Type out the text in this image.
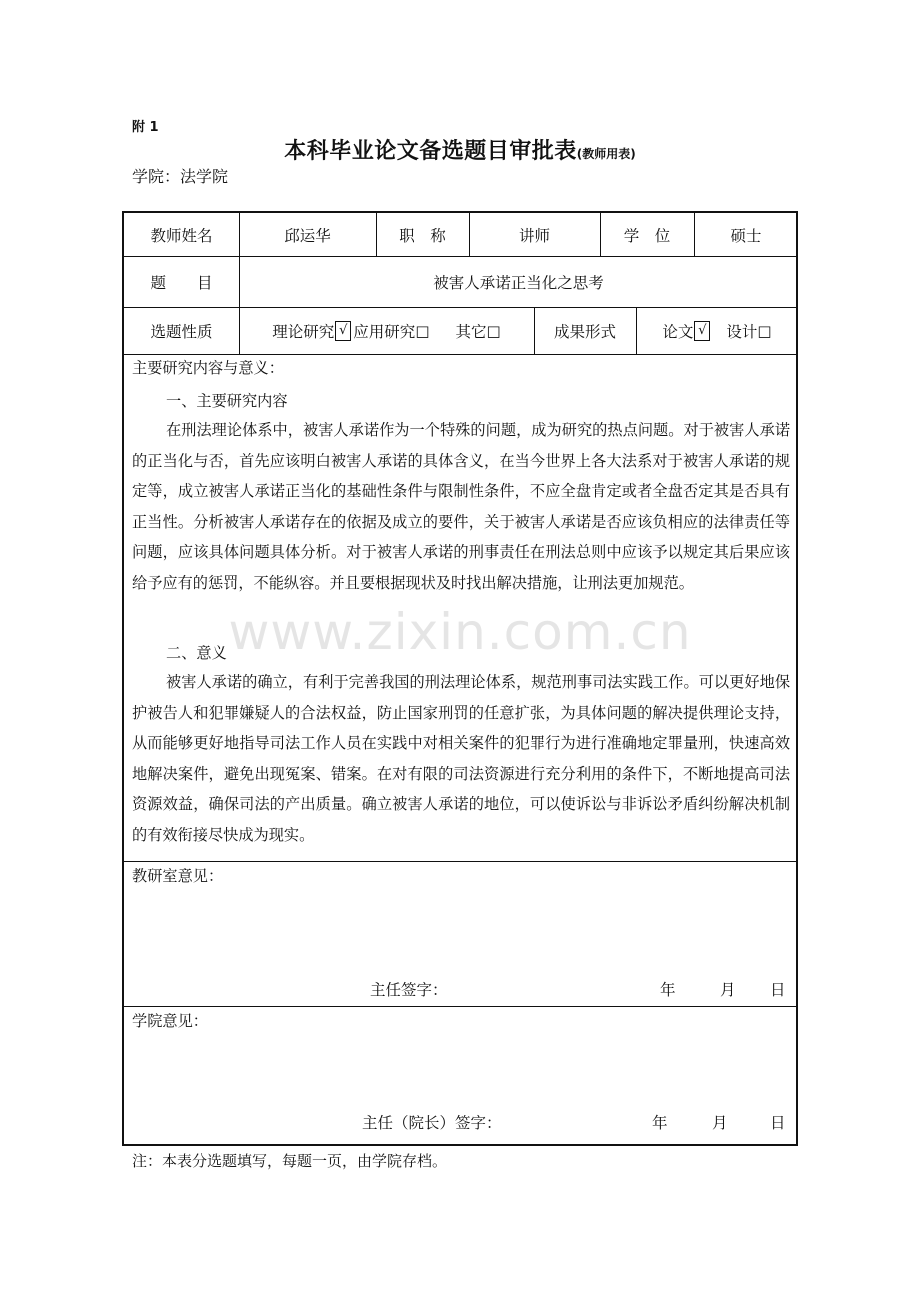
附 1
本科毕业论文备选题目审批表(教师用表)
学院：法学院
教师姓名	邱运华	职　称	讲师	学　位	硕士
题　　目	被害人承诺正当化之思考
选题性质	理论研究 √ 应用研究 □ 其它 □	成果形式	论文 √ 设计 □
主要研究内容与意义：
一、主要研究内容
在刑法理论体系中，被害人承诺作为一个特殊的问题，成为研究的热点问题。对于被害人承诺的正当化与否，首先应该明白被害人承诺的具体含义，在当今世界上各大法系对于被害人承诺的规定等，成立被害人承诺正当化的基础性条件与限制性条件，不应全盘肯定或者全盘否定其是否具有正当性。分析被害人承诺存在的依据及成立的要件，关于被害人承诺是否应该负相应的法律责任等问题，应该具体问题具体分析。对于被害人承诺的刑事责任在刑法总则中应该予以规定其后果应该给予应有的惩罚，不能纵容。并且要根据现状及时找出解决措施，让刑法更加规范。
二、意义
被害人承诺的确立，有利于完善我国的刑法理论体系，规范刑事司法实践工作。可以更好地保护被告人和犯罪嫌疑人的合法权益，防止国家刑罚的任意扩张，为具体问题的解决提供理论支持，从而能够更好地指导司法工作人员在实践中对相关案件的犯罪行为进行准确地定罪量刑，快速高效地解决案件，避免出现冤案、错案。在对有限的司法资源进行充分利用的条件下，不断地提高司法资源效益，确保司法的产出质量。确立被害人承诺的地位，可以使诉讼与非诉讼矛盾纠纷解决机制的有效衔接尽快成为现实。
教研室意见：
主任签字：	年	月 日
学院意见：
主任（院长）签字：	年	月	日
注：本表分选题填写，每题一页，由学院存档。
www.zixin.com.cn
